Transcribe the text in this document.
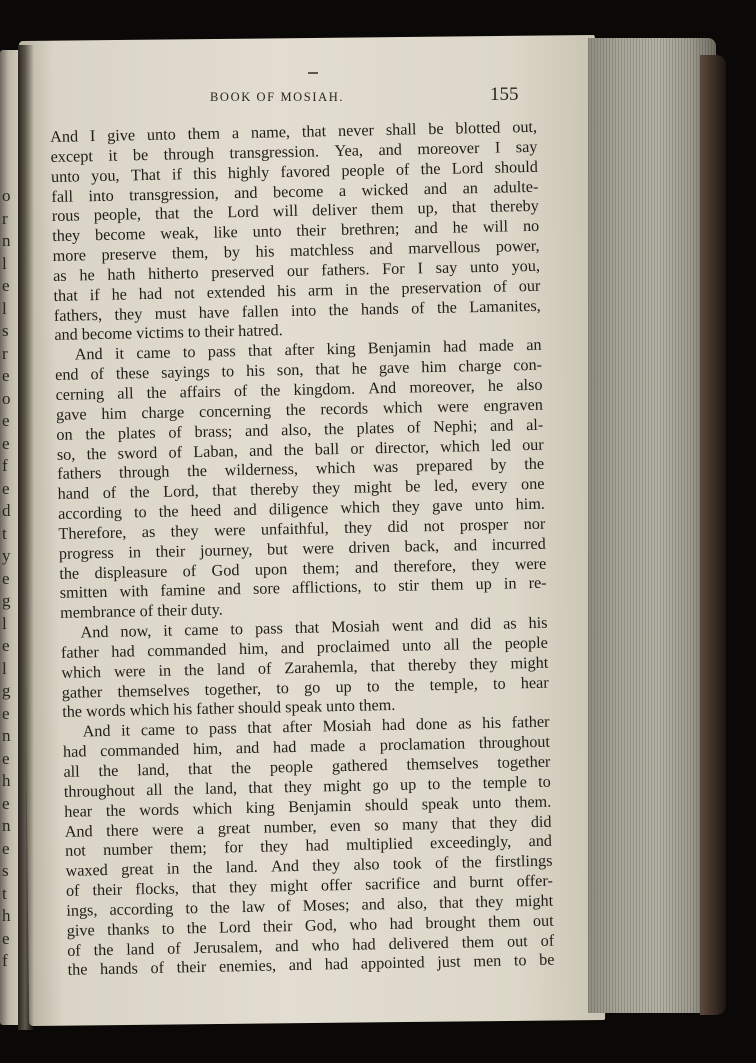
o
r
n
l
e
l
s
r
e
o
e
e
f
e
d
t
y
e
g
l
e
l
g
e
n
e
h
e
n
e
s
t
h
e
f
BOOK OF MOSIAH.	155
And I give unto them a name, that never shall be blotted out,
except it be through transgression. Yea, and moreover I say
unto you, That if this highly favored people of the Lord should
fall into transgression, and become a wicked and an adulte-
rous people, that the Lord will deliver them up, that thereby
they become weak, like unto their brethren; and he will no
more preserve them, by his matchless and marvellous power,
as he hath hitherto preserved our fathers. For I say unto you,
that if he had not extended his arm in the preservation of our
fathers, they must have fallen into the hands of the Lamanites,
and become victims to their hatred.
And it came to pass that after king Benjamin had made an
end of these sayings to his son, that he gave him charge con-
cerning all the affairs of the kingdom. And moreover, he also
gave him charge concerning the records which were engraven
on the plates of brass; and also, the plates of Nephi; and al-
so, the sword of Laban, and the ball or director, which led our
fathers through the wilderness, which was prepared by the
hand of the Lord, that thereby they might be led, every one
according to the heed and diligence which they gave unto him.
Therefore, as they were unfaithful, they did not prosper nor
progress in their journey, but were driven back, and incurred
the displeasure of God upon them; and therefore, they were
smitten with famine and sore afflictions, to stir them up in re-
membrance of their duty.
And now, it came to pass that Mosiah went and did as his
father had commanded him, and proclaimed unto all the people
which were in the land of Zarahemla, that thereby they might
gather themselves together, to go up to the temple, to hear
the words which his father should speak unto them.
And it came to pass that after Mosiah had done as his father
had commanded him, and had made a proclamation throughout
all the land, that the people gathered themselves together
throughout all the land, that they might go up to the temple to
hear the words which king Benjamin should speak unto them.
And there were a great number, even so many that they did
not number them; for they had multiplied exceedingly, and
waxed great in the land. And they also took of the firstlings
of their flocks, that they might offer sacrifice and burnt offer-
ings, according to the law of Moses; and also, that they might
give thanks to the Lord their God, who had brought them out
of the land of Jerusalem, and who had delivered them out of
the hands of their enemies, and had appointed just men to be
